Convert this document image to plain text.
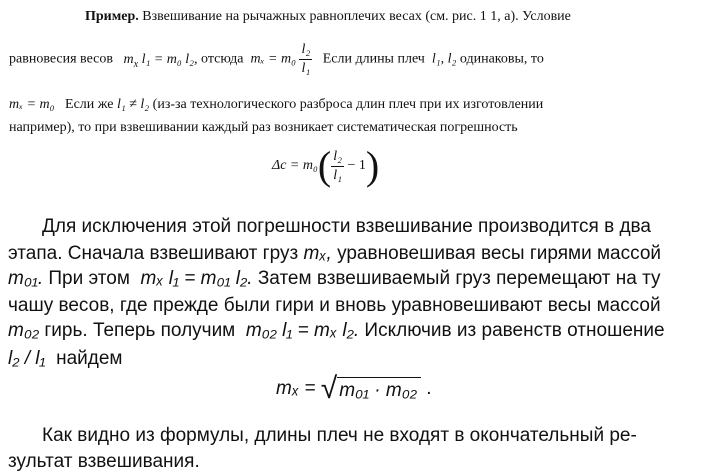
Пример. Взвешивание на рычажных равноплечих весах (см. рис. 1 1, а). Условие
равновесия весов $m_x$ l₁ = m₀ l₂, отсюда $m_x = m_0 \frac{\text{l₂}}{\text{l₁}}$ Если длины плеч l₁, l₂ одинаковы, то
mₓ = m₀ Если же l₁ ≠ l₂ (из-за технологического разброса длин плеч при их изготовлении
например), то при взвешивании каждый раз возникает систематическая погрешность
$\Delta c = m_0( \frac{\text{l₂}}{\text{l₁}} - 1)$
Для исключения этой погрешности взвешивание производится в два
этапа. Сначала взвешивают груз mₓ, уравновешивая весы гирями массой
m₀₁. При этом mₓ l₁ = m₀₁ l₂. Затем взвешиваемый груз перемещают на ту
чашу весов, где прежде были гири и вновь уравновешивают весы массой
m₀₂ гирь. Теперь получим m₀₂ l₁ = mₓ l₂. Исключив из равенств отношение
l₂ / l₁ найдем
mₓ = √ m₀₁ · m₀₂ .
Как видно из формулы, длины плеч не входят в окончательный ре-
зультат взвешивания.
